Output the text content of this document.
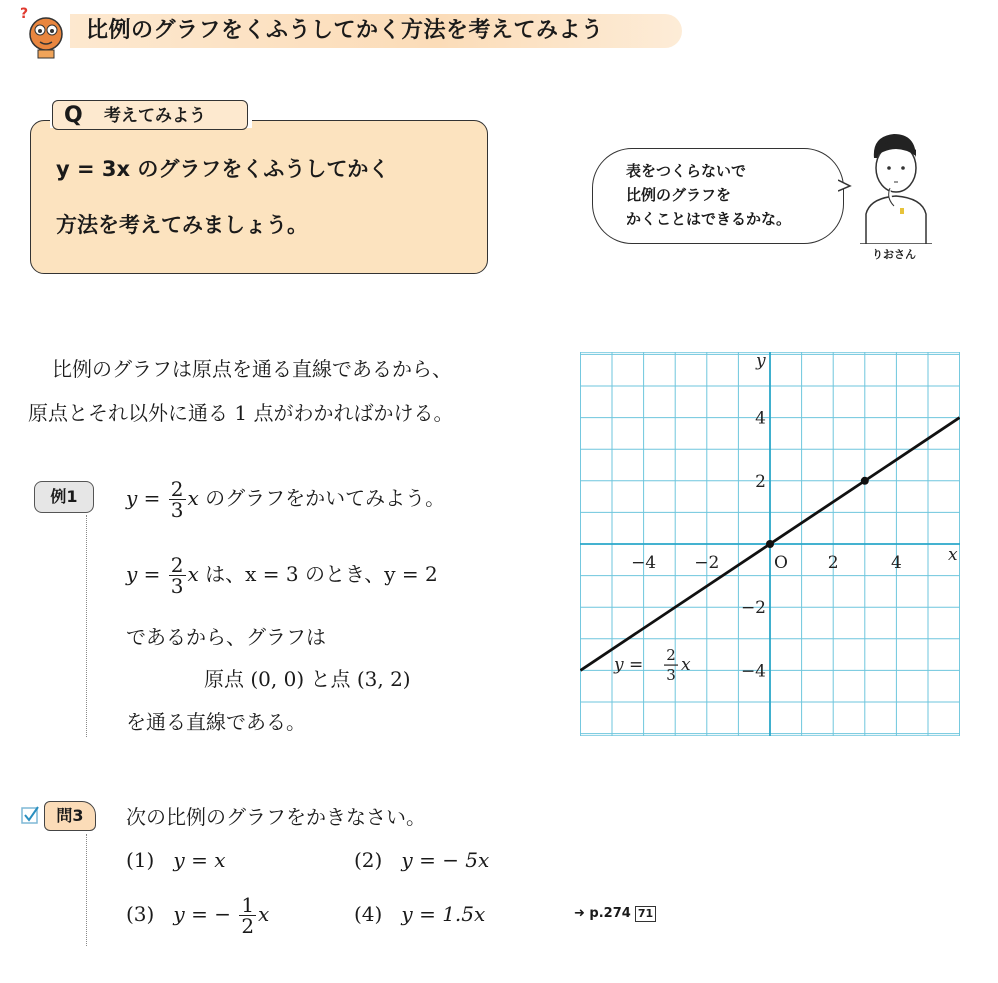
?
比例のグラフをくふうしてかく方法を考えてみよう
Q 考えてみよう
y = 3x のグラフをくふうしてかく
方法を考えてみましょう。
表をつくらないで
比例のグラフを
かくことはできるかな。
りおさん
比例のグラフは原点を通る直線であるから、
原点とそれ以外に通る 1 点がわかればかける。
例1	$y = \frac{2}{3}$ x のグラフをかいてみよう。
$y = \frac{2}{3}$ x は、x = 3 のとき、y = 2
であるから、グラフは
原点 (0, 0) と点 (3, 2)
を通る直線である。
x
y
O
−4 −2	2	4
4
2
−2
−4
y = 2
3 x
問3	次の比例のグラフをかきなさい。
(1) y = x	(2) y = − 5x
(3) y = − $\frac{1}{2}$ x	(4) y = 1.5x	➜ p.274 71
